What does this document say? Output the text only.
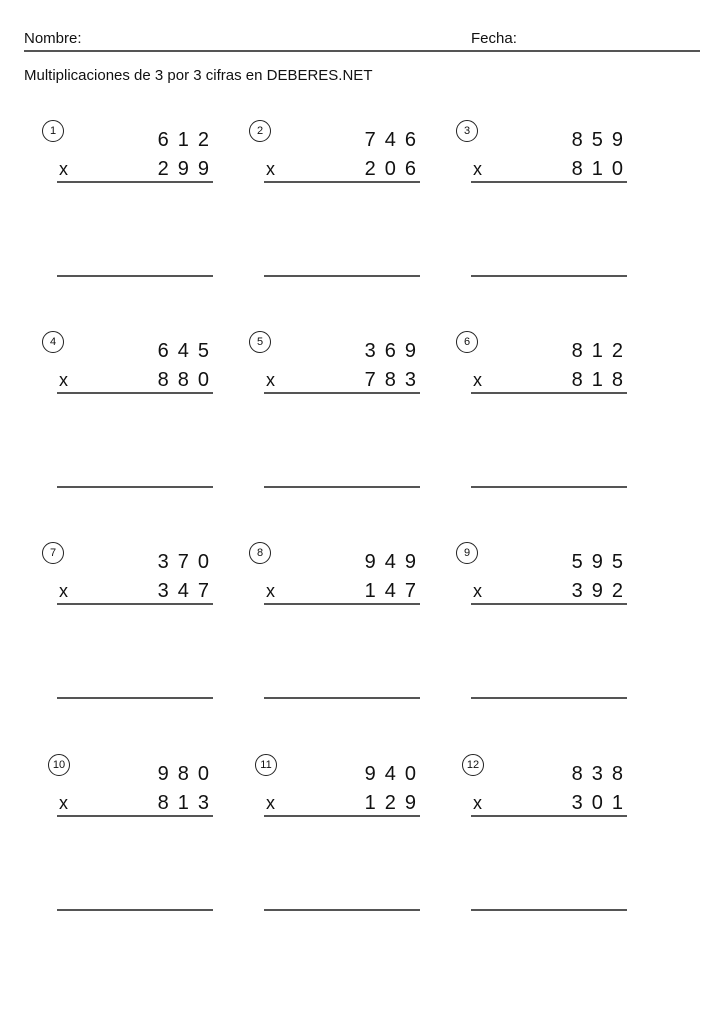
Nombre:	Fecha:
Multiplicaciones de 3 por 3 cifras en DEBERES.NET
1	612
x	299
2	746
x	206
3	859
x	810
4	645
x	880
5	369
x	783
6	812
x	818
7	370
x	347
8	949
x	147
9	595
x	392
10	980
x	813
11	940
x	129
12	838
x	301
